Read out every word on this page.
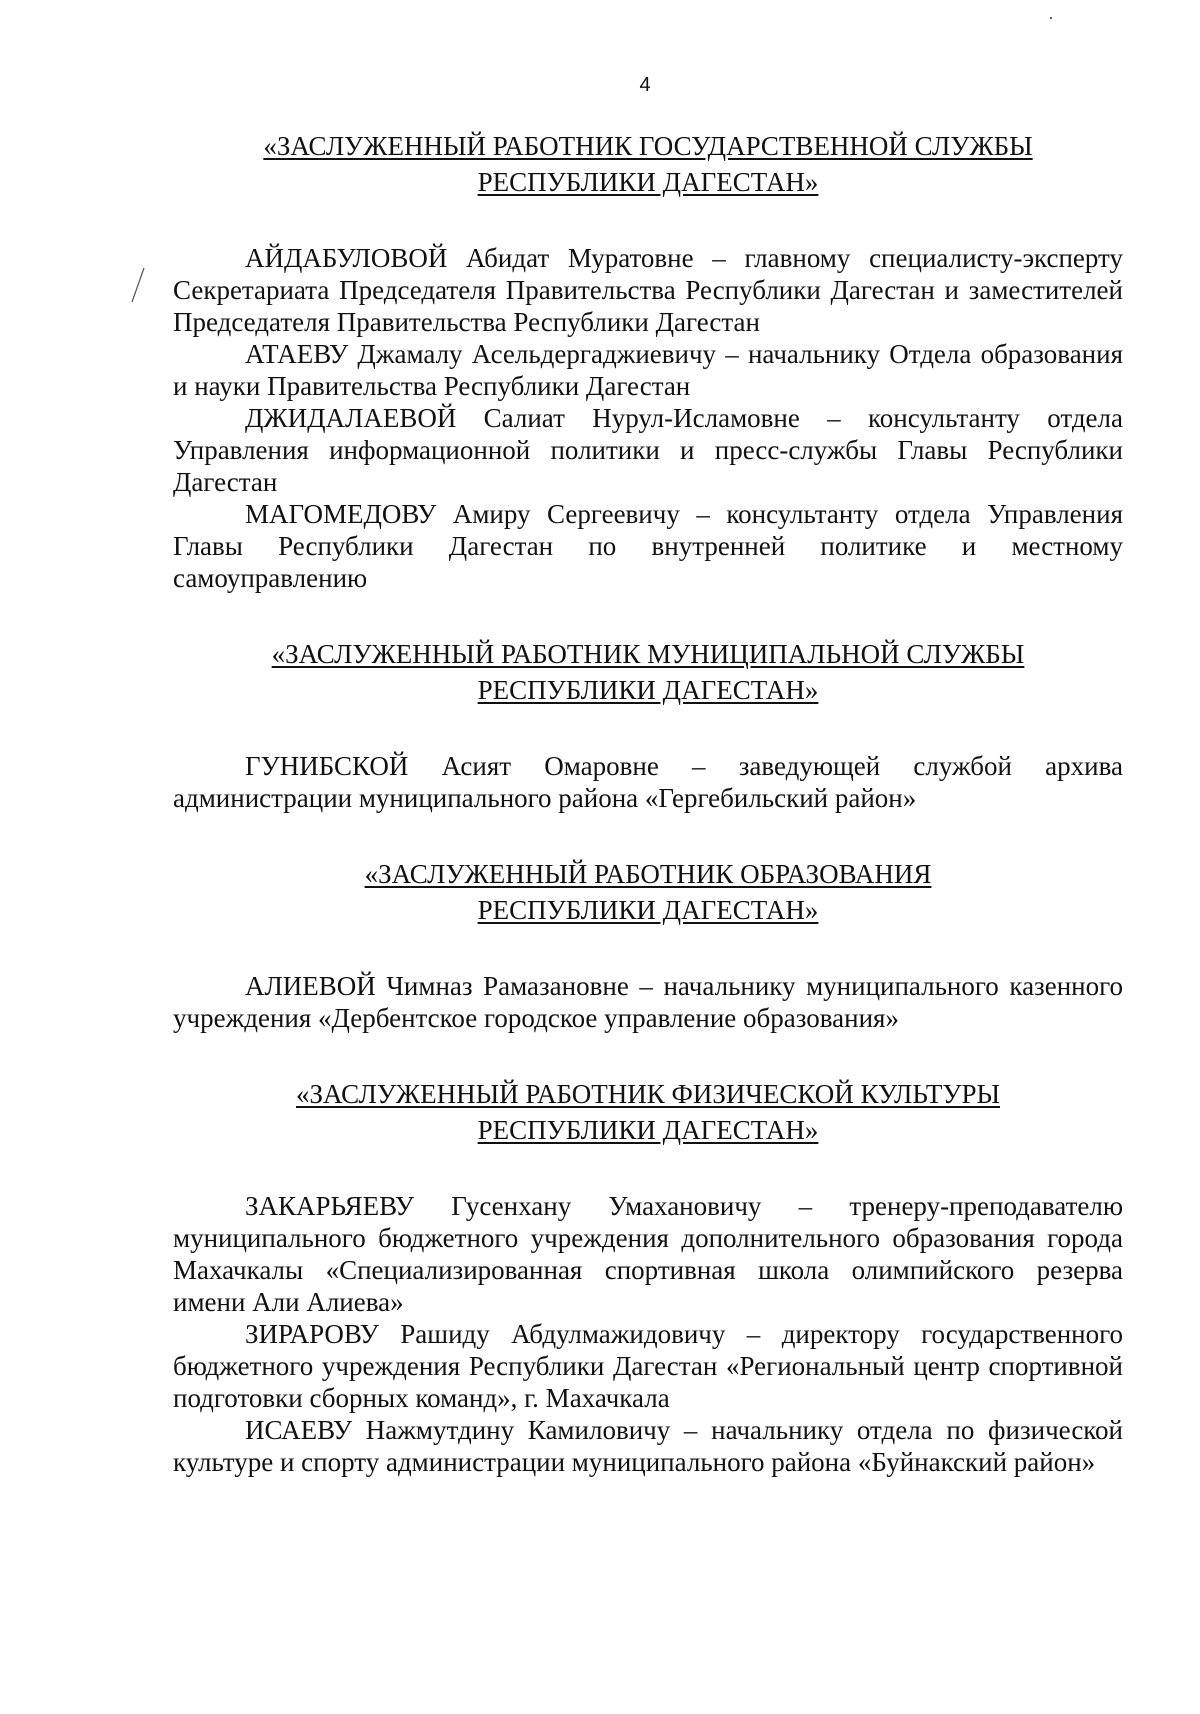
4
«ЗАСЛУЖЕННЫЙ РАБОТНИК ГОСУДАРСТВЕННОЙ СЛУЖБЫ
РЕСПУБЛИКИ ДАГЕСТАН»

АЙДАБУЛОВОЙ Абидат Муратовне – главному специалисту-эксперту Секретариата Председателя Правительства Республики Дагестан и заместителей Председателя Правительства Республики Дагестан

АТАЕВУ Джамалу Асельдергаджиевичу – начальнику Отдела образования и науки Правительства Республики Дагестан

ДЖИДАЛАЕВОЙ Салиат Нурул-Исламовне – консультанту отдела Управления информационной политики и пресс-службы Главы Республики Дагестан

МАГОМЕДОВУ Амиру Сергеевичу – консультанту отдела Управления Главы Республики Дагестан по внутренней политике и местному самоуправлению

«ЗАСЛУЖЕННЫЙ РАБОТНИК МУНИЦИПАЛЬНОЙ СЛУЖБЫ
РЕСПУБЛИКИ ДАГЕСТАН»

ГУНИБСКОЙ Асият Омаровне – заведующей службой архива администрации муниципального района «Гергебильский район»

«ЗАСЛУЖЕННЫЙ РАБОТНИК ОБРАЗОВАНИЯ
РЕСПУБЛИКИ ДАГЕСТАН»

АЛИЕВОЙ Чимназ Рамазановне – начальнику муниципального казенного учреждения «Дербентское городское управление образования»

«ЗАСЛУЖЕННЫЙ РАБОТНИК ФИЗИЧЕСКОЙ КУЛЬТУРЫ
РЕСПУБЛИКИ ДАГЕСТАН»

ЗАКАРЬЯЕВУ Гусенхану Умахановичу – тренеру-преподавателю муниципального бюджетного учреждения дополнительного образования города Махачкалы «Специализированная спортивная школа олимпийского резерва имени Али Алиева»

ЗИРАРОВУ Рашиду Абдулмажидовичу – директору государственного бюджетного учреждения Республики Дагестан «Региональный центр спортивной подготовки сборных команд», г. Махачкала

ИСАЕВУ Нажмутдину Камиловичу – начальнику отдела по физической культуре и спорту администрации муниципального района «Буйнакский район»
